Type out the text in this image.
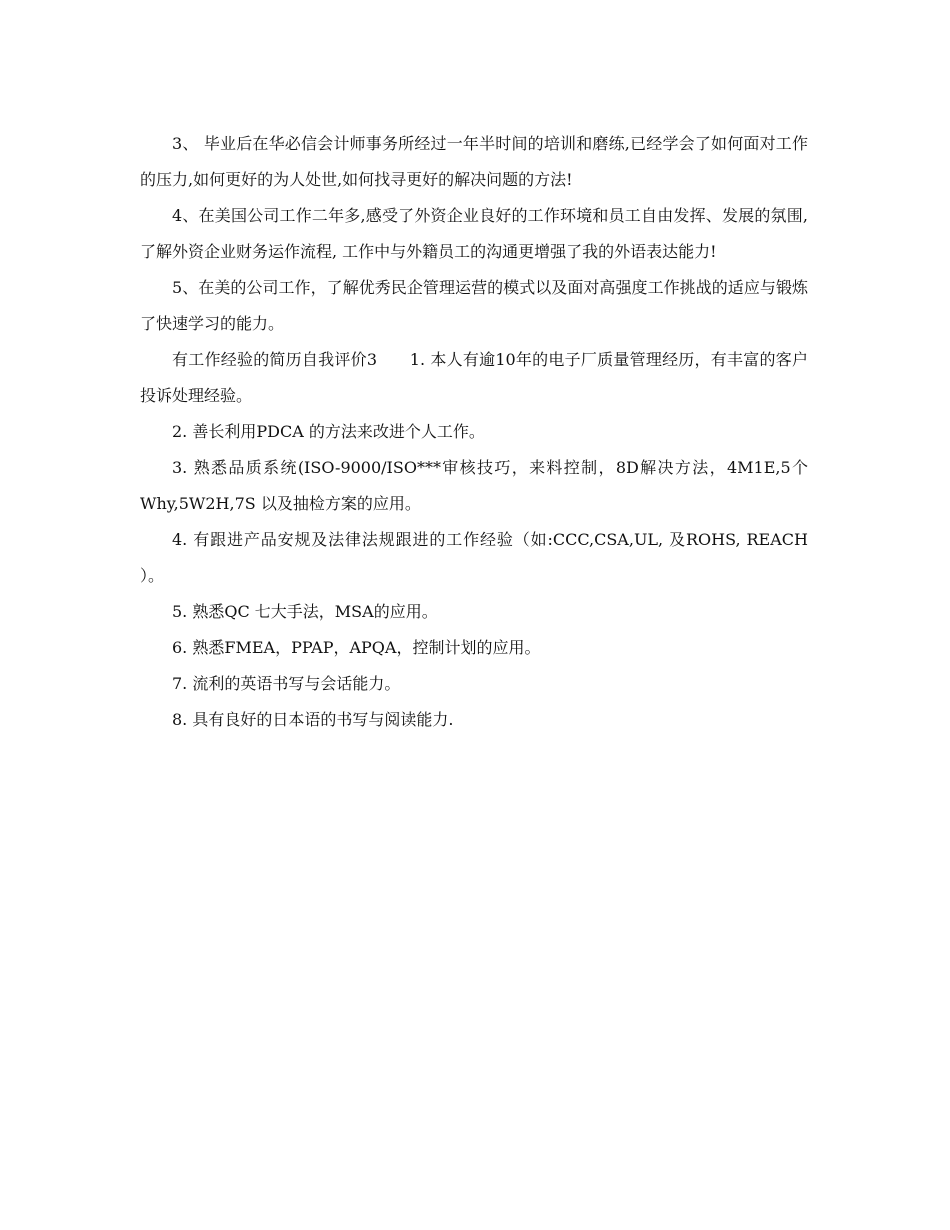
3、 毕业后在华必信会计师事务所经过一年半时间的培训和磨练,已经学会了如何面对工作的压力,如何更好的为人处世,如何找寻更好的解决问题的方法!

4、在美国公司工作二年多,感受了外资企业良好的工作环境和员工自由发挥、发展的氛围,了解外资企业财务运作流程, 工作中与外籍员工的沟通更增强了我的外语表达能力!

5、在美的公司工作，了解优秀民企管理运营的模式以及面对高强度工作挑战的适应与锻炼了快速学习的能力。

有工作经验的简历自我评价3　　1. 本人有逾10年的电子厂质量管理经历，有丰富的客户投诉处理经验。

2. 善长利用PDCA 的方法来改进个人工作。

3. 熟悉品质系统(ISO-9000/ISO***审核技巧，来料控制，8D解决方法，4M1E,5个Why,5W2H,7S 以及抽检方案的应用。

4. 有跟进产品安规及法律法规跟进的工作经验（如:CCC,CSA,UL, 及ROHS, REACH ）。

5. 熟悉QC 七大手法，MSA的应用。

6. 熟悉FMEA，PPAP，APQA，控制计划的应用。

7. 流利的英语书写与会话能力。

8. 具有良好的日本语的书写与阅读能力.
